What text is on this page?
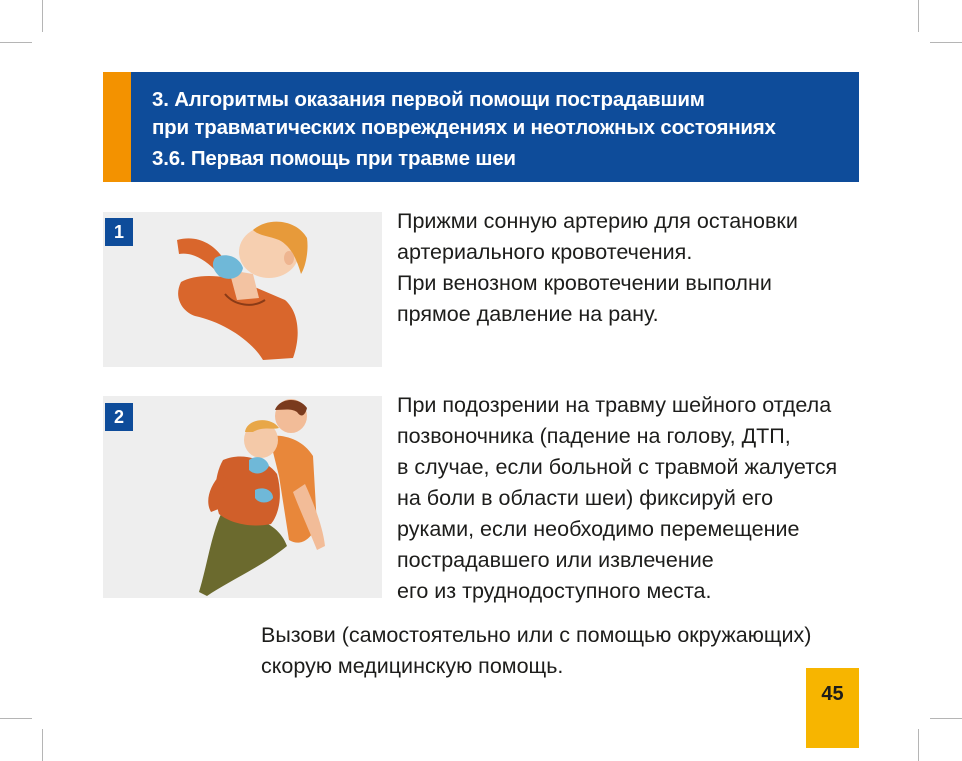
3. Алгоритмы оказания первой помощи пострадавшим
при травматических повреждениях и неотложных состояниях
3.6. Первая помощь при травме шеи
1	Прижми сонную артерию для остановки
артериального кровотечения.
При венозном кровотечении выполни
прямое давление на рану.
2	При подозрении на травму шейного отдела
позвоночника (падение на голову, ДТП,
в случае, если больной с травмой жалуется
на боли в области шеи) фиксируй его
руками, если необходимо перемещение
пострадавшего или извлечение
его из труднодоступного места.
Вызови (самостоятельно или с помощью окружающих)
скорую медицинскую помощь.
45
